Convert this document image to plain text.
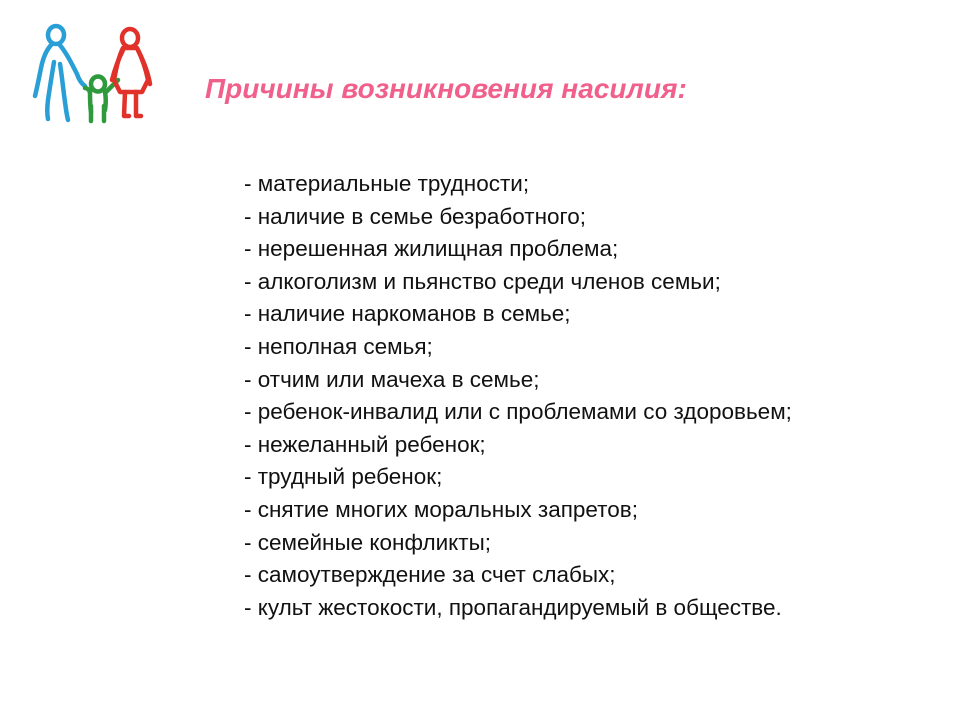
Причины возникновения насилия:
- материальные трудности;
- наличие в семье безработного;
- нерешенная жилищная проблема;
- алкоголизм и пьянство среди членов семьи;
- наличие наркоманов в семье;
- неполная семья;
- отчим или мачеха в семье;
- ребенок-инвалид или с проблемами со здоровьем;
- нежеланный ребенок;
- трудный ребенок;
- снятие многих моральных запретов;
- семейные конфликты;
- самоутверждение за счет слабых;
- культ жестокости, пропагандируемый в обществе.
